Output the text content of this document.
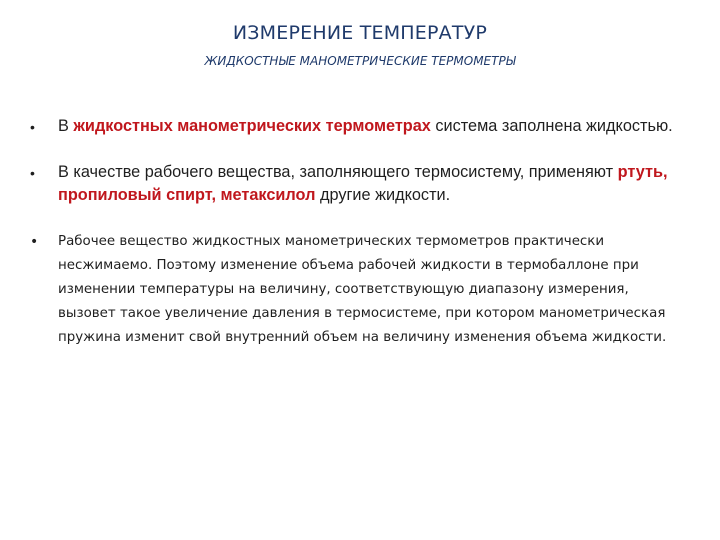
ИЗМЕРЕНИЕ ТЕМПЕРАТУР
ЖИДКОСТНЫЕ МАНОМЕТРИЧЕСКИЕ ТЕРМОМЕТРЫ
• В жидкостных манометрических термометрах система заполнена жидкостью.
• В качестве рабочего вещества, заполняющего термосистему, применяют ртуть, пропиловый спирт, метаксилол другие жидкости.
• Рабочее вещество жидкостных манометрических термометров практически несжимаемо. Поэтому изменение объема рабочей жидкости в термобаллоне при изменении температуры на величину, соответствующую диапазону измерения, вызовет такое увеличение давления в термосистеме, при котором манометрическая пружина изменит свой внутренний объем на величину изменения объема жидкости.
